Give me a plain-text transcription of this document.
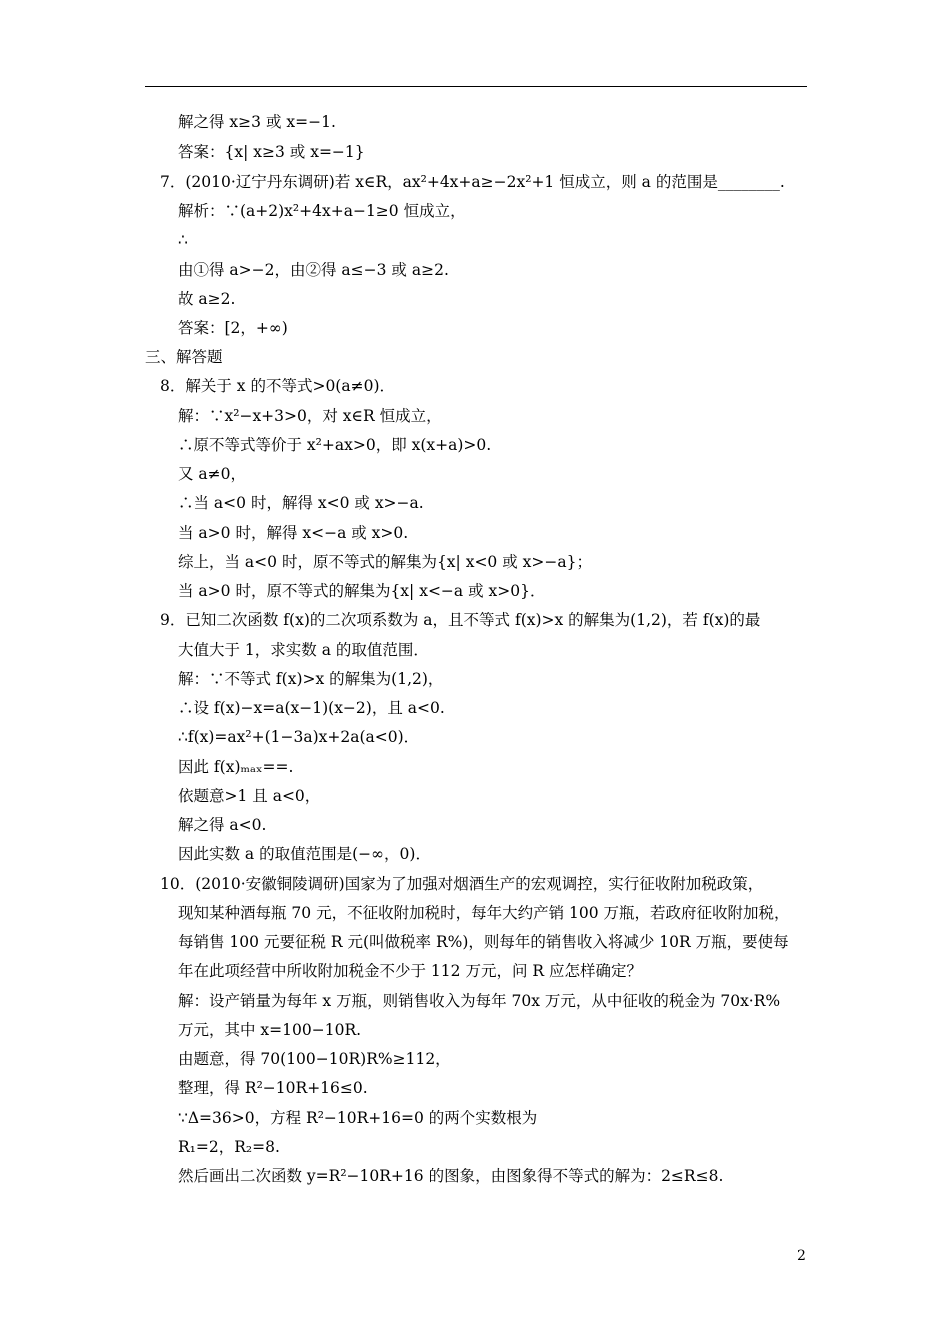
解之得 x≥3 或 x=−1.
答案：{x| x≥3 或 x=−1}
7．(2010·辽宁丹东调研)若 x∈R，ax²+4x+a≥−2x²+1 恒成立，则 a 的范围是________.
解析：∵(a+2)x²+4x+a−1≥0 恒成立，
∴
由①得 a>−2，由②得 a≤−3 或 a≥2.
故 a≥2.
答案：[2，+∞)
三、解答题
8．解关于 x 的不等式>0(a≠0)．
解：∵x²−x+3>0，对 x∈R 恒成立，
∴原不等式等价于 x²+ax>0，即 x(x+a)>0.
又 a≠0，
∴当 a<0 时，解得 x<0 或 x>−a.
当 a>0 时，解得 x<−a 或 x>0.
综上，当 a<0 时，原不等式的解集为{x| x<0 或 x>−a}；
当 a>0 时，原不等式的解集为{x| x<−a 或 x>0}．
9．已知二次函数 f(x)的二次项系数为 a，且不等式 f(x)>x 的解集为(1,2)，若 f(x)的最
大值大于 1，求实数 a 的取值范围．
解：∵不等式 f(x)>x 的解集为(1,2)，
∴设 f(x)−x=a(x−1)(x−2)，且 a<0.
∴f(x)=ax²+(1−3a)x+2a(a<0)．
因此 f(x)ₘₐₓ==.
依题意>1 且 a<0，
解之得 a<0.
因此实数 a 的取值范围是(−∞，0)．
10．(2010·安徽铜陵调研)国家为了加强对烟酒生产的宏观调控，实行征收附加税政策，
现知某种酒每瓶 70 元，不征收附加税时，每年大约产销 100 万瓶，若政府征收附加税，
每销售 100 元要征税 R 元(叫做税率 R%)，则每年的销售收入将减少 10R 万瓶，要使每
年在此项经营中所收附加税金不少于 112 万元，问 R 应怎样确定？
解：设产销量为每年 x 万瓶，则销售收入为每年 70x 万元，从中征收的税金为 70x·R%
万元，其中 x=100−10R.
由题意，得 70(100−10R)R%≥112，
整理，得 R²−10R+16≤0.
∵Δ=36>0，方程 R²−10R+16=0 的两个实数根为
R₁=2，R₂=8.
然后画出二次函数 y=R²−10R+16 的图象，由图象得不等式的解为：2≤R≤8.
2
